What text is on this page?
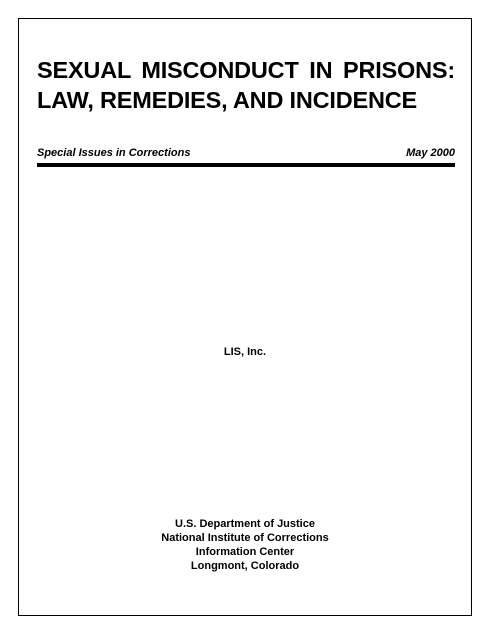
SEXUAL MISCONDUCT IN PRISONS:
LAW, REMEDIES, AND INCIDENCE
Special Issues in Corrections	May 2000
LIS, Inc.
U.S. Department of Justice
National Institute of Corrections
Information Center
Longmont, Colorado
